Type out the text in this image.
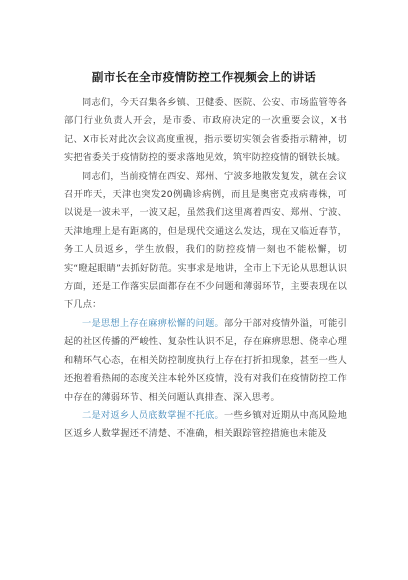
副市长在全市疫情防控工作视频会上的讲话

同志们，今天召集各乡镇、卫健委、医院、公安、市场监管等各部门行业负责人开会，是市委、市政府决定的一次重要会议，X书记、X市长对此次会议高度重视，指示要切实领会省委指示精神，切实把省委关于疫情防控的要求落地见效，筑牢防控疫情的钢铁长城。

同志们，当前疫情在西安、郑州、宁波多地散发复发，就在会议召开昨天，天津也突发20例确诊病例，而且是奥密克戎病毒株，可以说是一波未平，一波又起，虽然我们这里离着西安、郑州、宁波、天津地理上是有距离的，但是现代交通这么发达，现在又临近春节，务工人员返乡，学生放假，我们的防控疫情一刻也不能松懈，切实“瞪起眼睛”去抓好防范。实事求是地讲，全市上下无论从思想认识方面，还是工作落实层面都存在不少问题和薄弱环节，主要表现在以下几点：

一是思想上存在麻痹松懈的问题。部分干部对疫情外溢，可能引起的社区传播的严峻性、复杂性认识不足，存在麻痹思想、侥幸心理和精环气心态，在相关防控制度执行上存在打折扣现象，甚至一些人还抱着看热闹的态度关注本轮外区疫情，没有对我们在疫情防控工作中存在的薄弱环节、相关问题认真排查、深入思考。

二是对返乡人员底数掌握不托底。一些乡镇对近期从中高风险地区返乡人数掌握还不清楚、不准确，相关跟踪管控措施也未能及
